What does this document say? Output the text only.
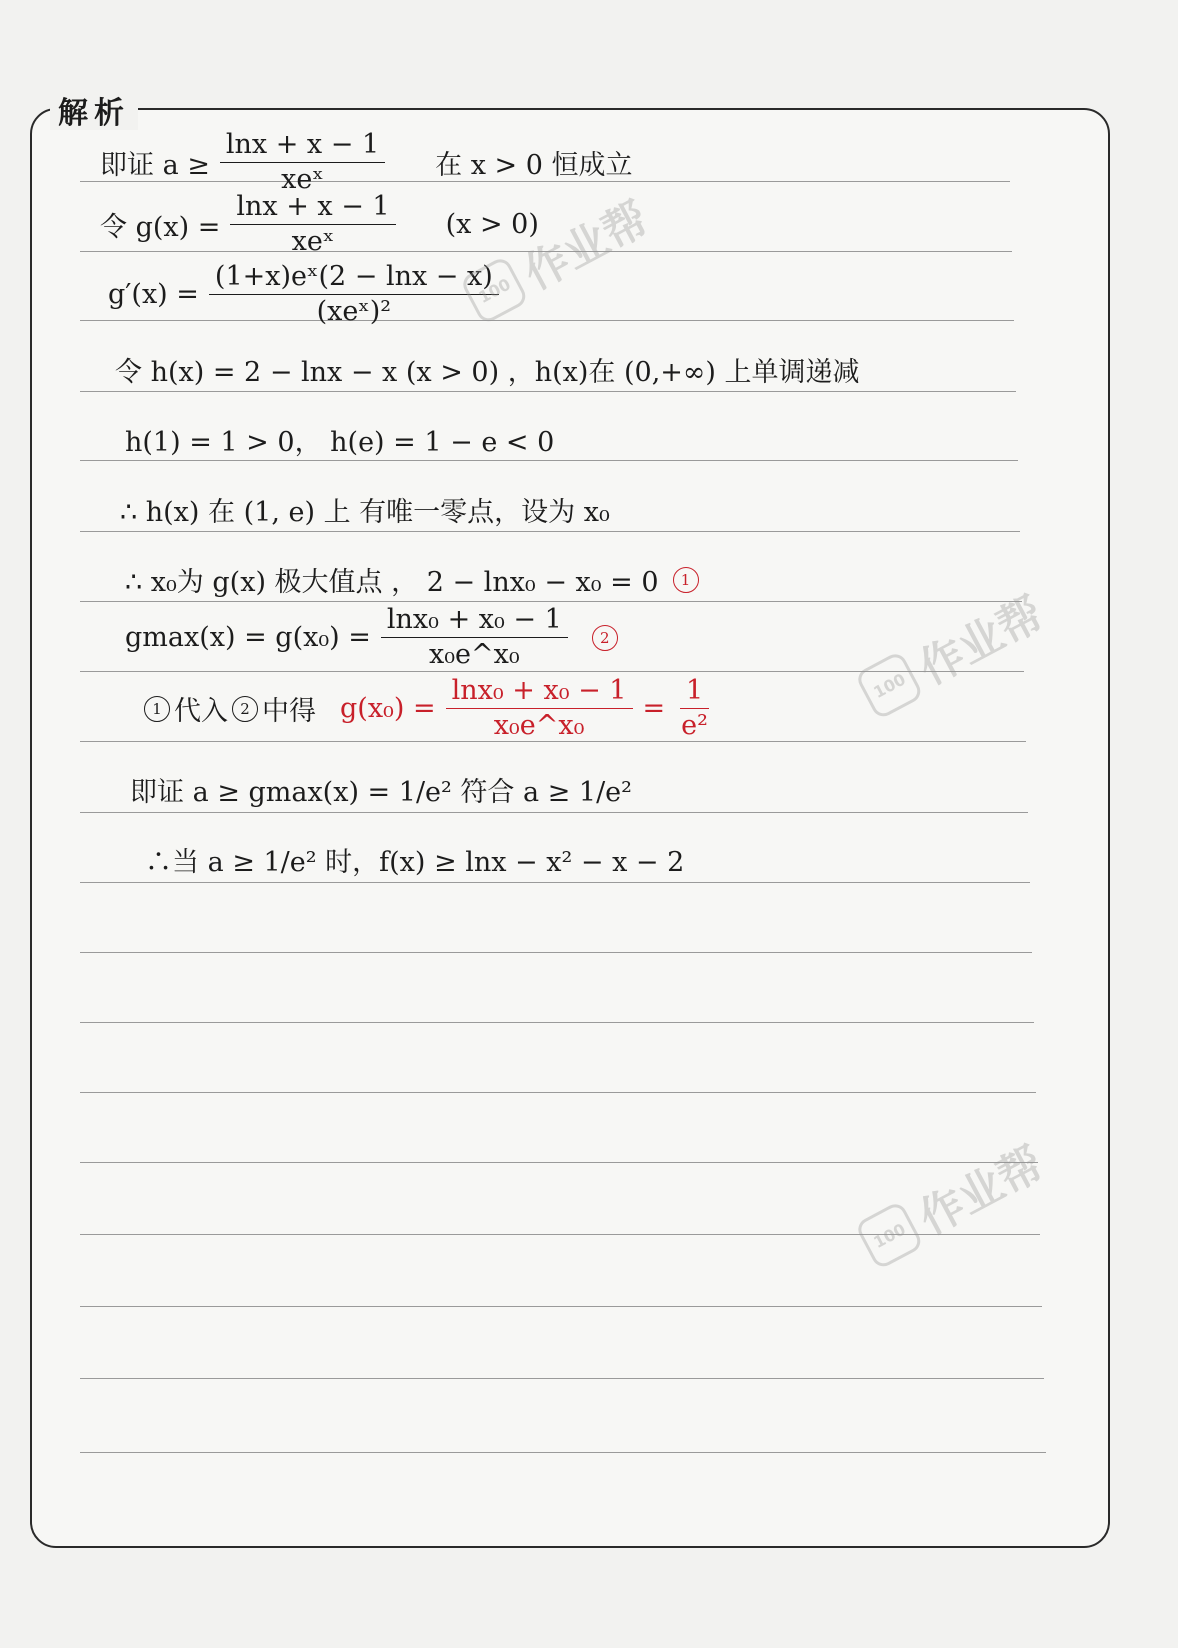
解析
即证 $a \ge \frac{\ln x + x - 1}{\text{xeˣ}}$ 在 x > 0 恒成立
令 $g(x) = \frac{\ln x + x - 1}{\text{xeˣ}} (x > 0)$
$g'(x) = \frac{\text{(1+x)eˣ(2 − lnx − x)}}{\text{(xeˣ)²}}$
令 h(x) = 2 − lnx − x (x > 0) ，h(x)在 (0,+∞) 上单调递减
h(1) = 1 > 0， h(e) = 1 − e < 0
∴ h(x) 在 (1, e) 上 有唯一零点，设为 x₀
∴ x₀为 g(x) 极大值点 ， 2 − lnx₀ − x₀ = 0	1
$gmax(x) = g(x_0) = \frac{\text{lnx₀ + x₀ − 1}}{\text{x₀e\textasciicircum{}x₀}}$	2
1 代入 2 中得 $g(x_0) = \frac{\text{lnx₀ + x₀ − 1}}{\text{x₀e\textasciicircum{}x₀}} = \frac{1}{\text{e²}}$
即证 a ≥ gmax(x) = 1/e² 符合 a ≥ 1/e²
∴当 a ≥ 1/e² 时，f(x) ≥ lnx − x² − x − 2
100 作业帮
100 作业帮
100 作业帮
